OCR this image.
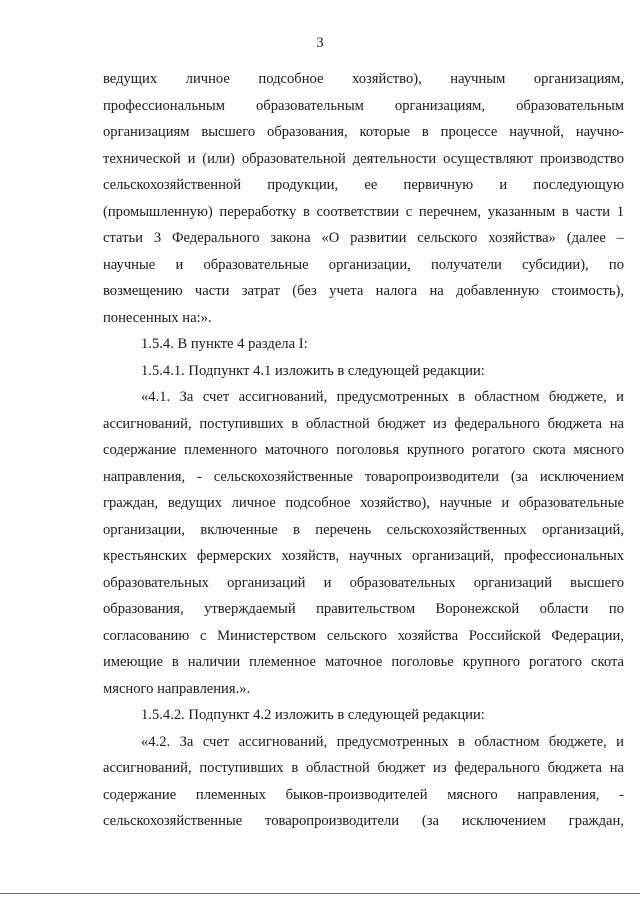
3
ведущих личное подсобное хозяйство), научным организациям,
профессиональным образовательным организациям, образовательным
организациям высшего образования, которые в процессе научной, научно-
технической и (или) образовательной деятельности осуществляют производство
сельскохозяйственной продукции, ее первичную и последующую
(промышленную) переработку в соответствии с перечнем, указанным в части 1
статьи 3 Федерального закона «О развитии сельского хозяйства» (далее –
научные и образовательные организации, получатели субсидии), по
возмещению части затрат (без учета налога на добавленную стоимость),
понесенных на:».
1.5.4. В пункте 4 раздела I:
1.5.4.1. Подпункт 4.1 изложить в следующей редакции:
«4.1. За счет ассигнований, предусмотренных в областном бюджете, и
ассигнований, поступивших в областной бюджет из федерального бюджета на
содержание племенного маточного поголовья крупного рогатого скота мясного
направления, - сельскохозяйственные товаропроизводители (за исключением
граждан, ведущих личное подсобное хозяйство), научные и образовательные
организации, включенные в перечень сельскохозяйственных организаций,
крестьянских фермерских хозяйств, научных организаций, профессиональных
образовательных организаций и образовательных организаций высшего
образования, утверждаемый правительством Воронежской области по
согласованию с Министерством сельского хозяйства Российской Федерации,
имеющие в наличии племенное маточное поголовье крупного рогатого скота
мясного направления.».
1.5.4.2. Подпункт 4.2 изложить в следующей редакции:
«4.2. За счет ассигнований, предусмотренных в областном бюджете, и
ассигнований, поступивших в областной бюджет из федерального бюджета на
содержание племенных быков-производителей мясного направления, -
сельскохозяйственные товаропроизводители (за исключением граждан,
